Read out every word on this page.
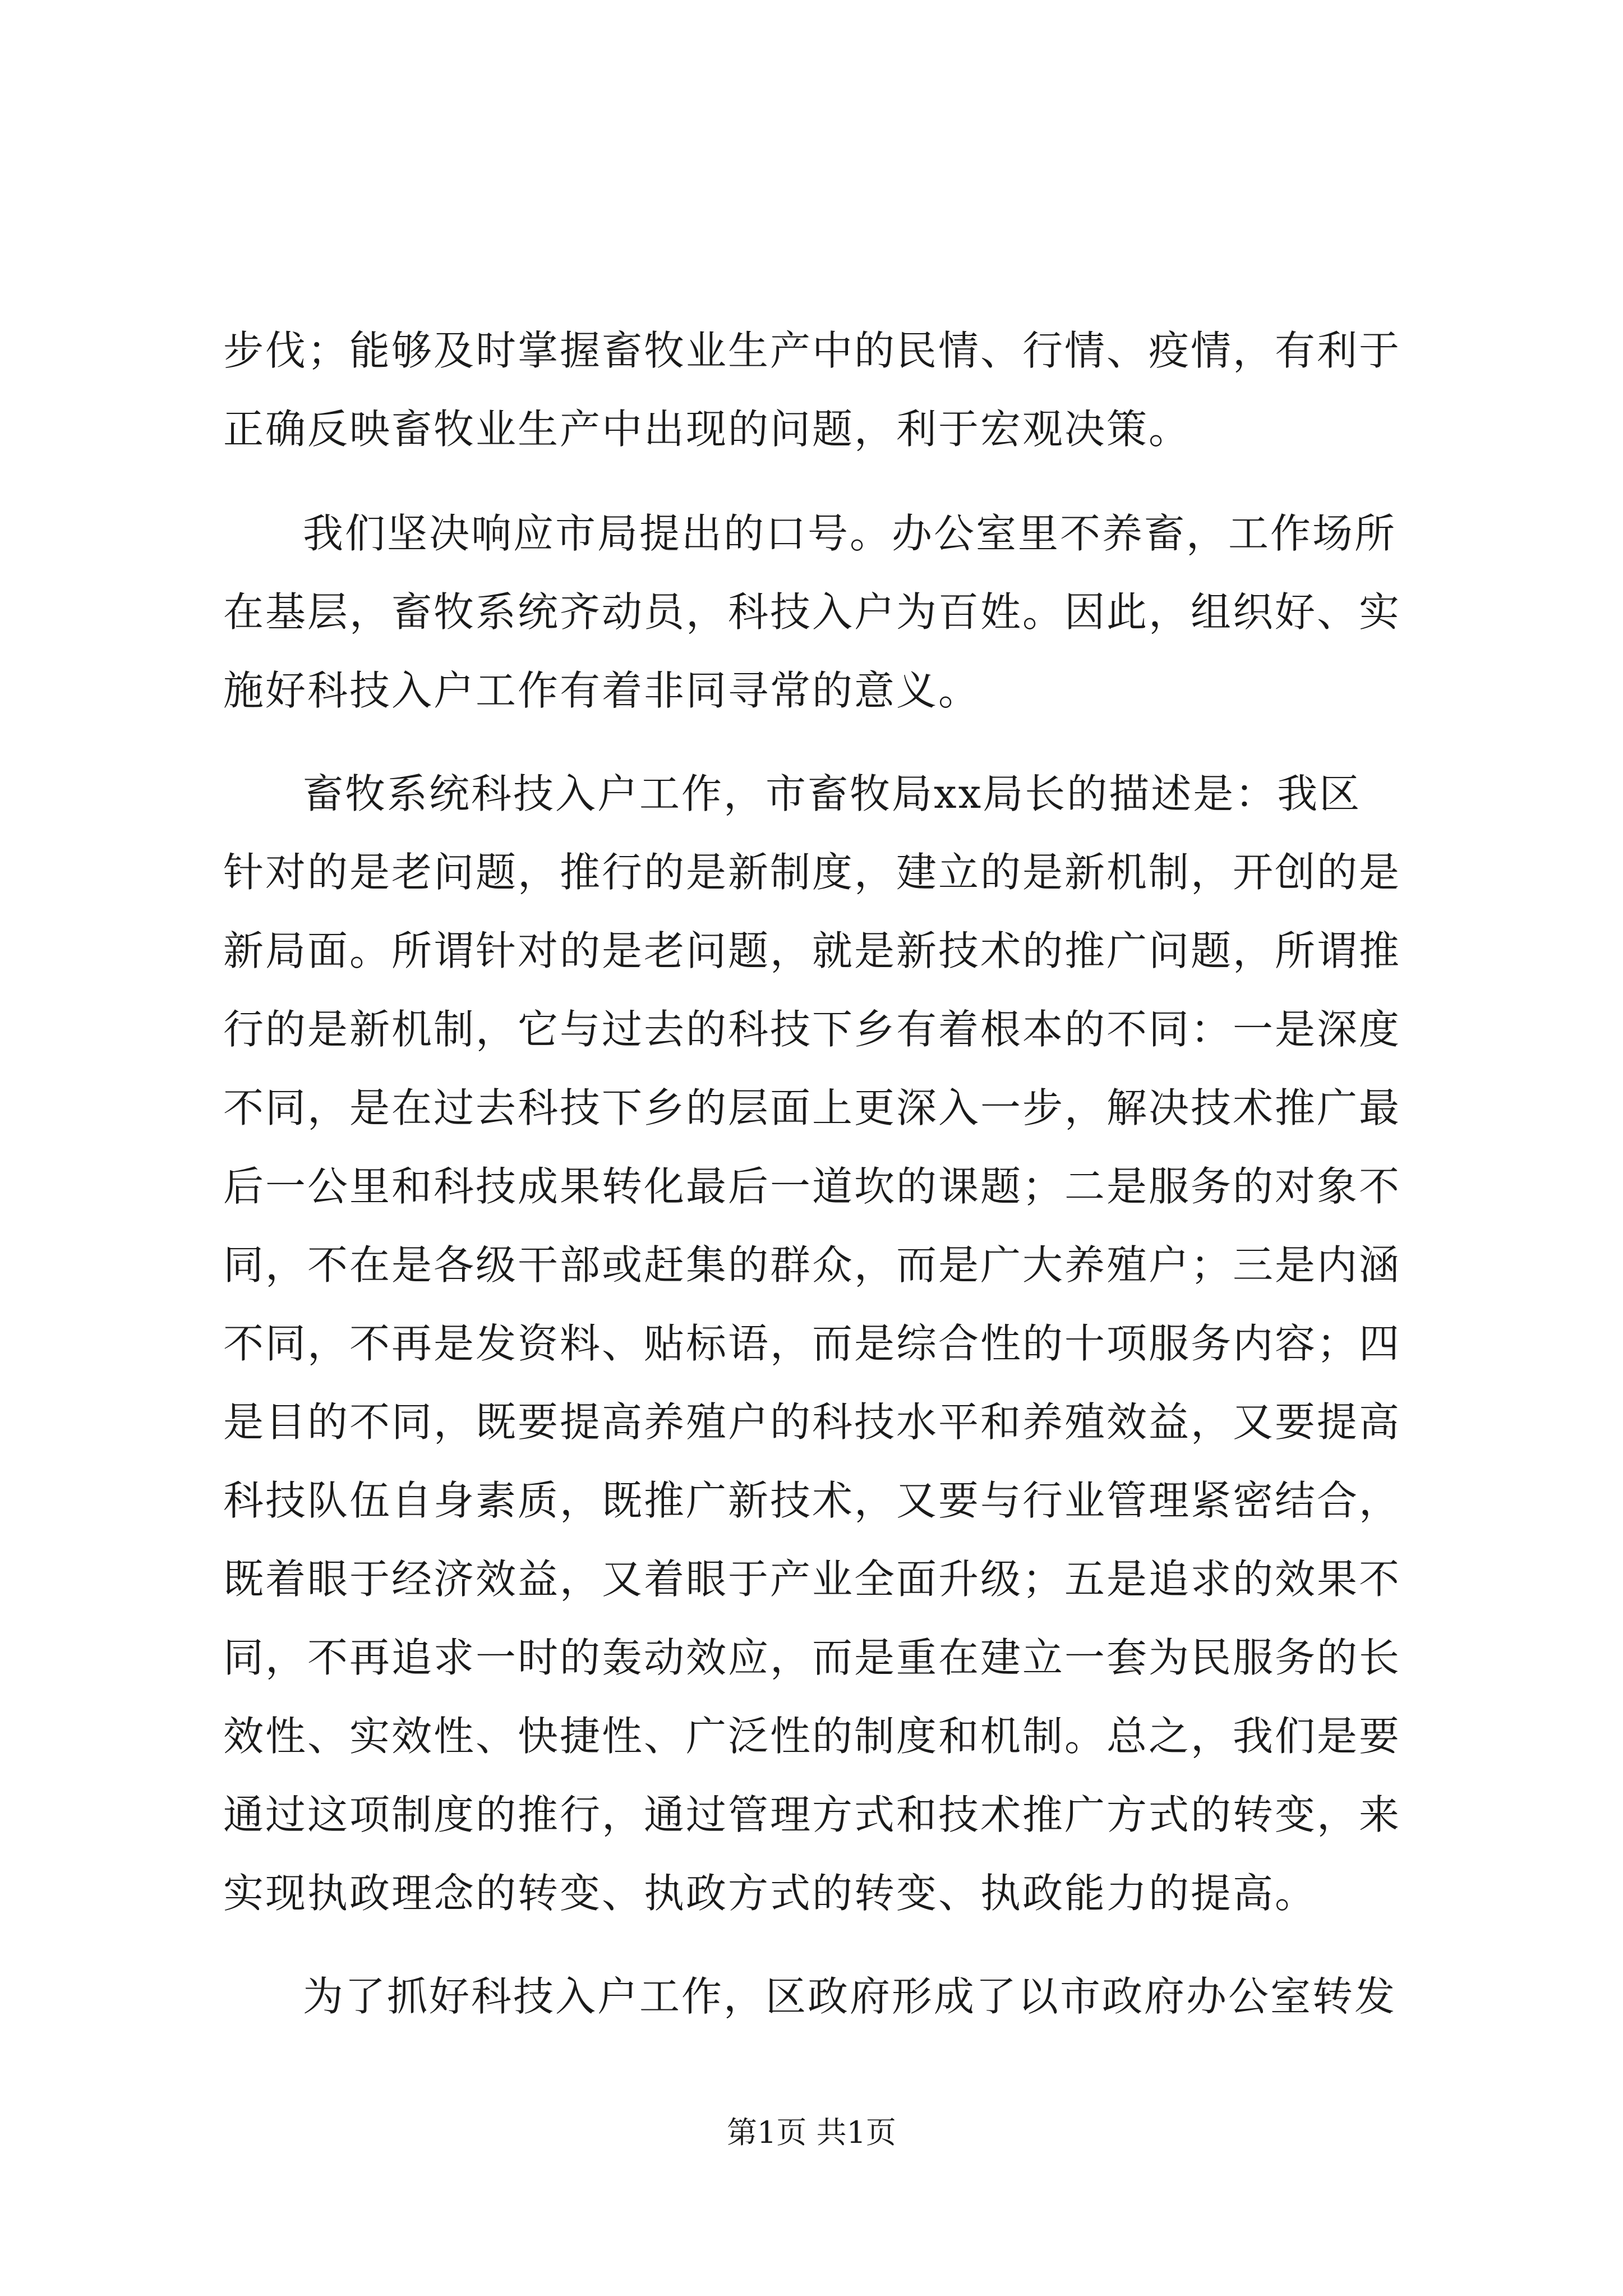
步伐；能够及时掌握畜牧业生产中的民情、行情、疫情，有利于
正确反映畜牧业生产中出现的问题，利于宏观决策。
我们坚决响应市局提出的口号。办公室里不养畜，工作场所
在基层，畜牧系统齐动员，科技入户为百姓。因此，组织好、实
施好科技入户工作有着非同寻常的意义。
畜牧系统科技入户工作，市畜牧局xx局长的描述是：我区
针对的是老问题，推行的是新制度，建立的是新机制，开创的是
新局面。所谓针对的是老问题，就是新技术的推广问题，所谓推
行的是新机制，它与过去的科技下乡有着根本的不同：一是深度
不同，是在过去科技下乡的层面上更深入一步，解决技术推广最
后一公里和科技成果转化最后一道坎的课题；二是服务的对象不
同，不在是各级干部或赶集的群众，而是广大养殖户；三是内涵
不同，不再是发资料、贴标语，而是综合性的十项服务内容；四
是目的不同，既要提高养殖户的科技水平和养殖效益，又要提高
科技队伍自身素质，既推广新技术，又要与行业管理紧密结合，
既着眼于经济效益，又着眼于产业全面升级；五是追求的效果不
同，不再追求一时的轰动效应，而是重在建立一套为民服务的长
效性、实效性、快捷性、广泛性的制度和机制。总之，我们是要
通过这项制度的推行，通过管理方式和技术推广方式的转变，来
实现执政理念的转变、执政方式的转变、执政能力的提高。
为了抓好科技入户工作，区政府形成了以市政府办公室转发
第1页 共1页
